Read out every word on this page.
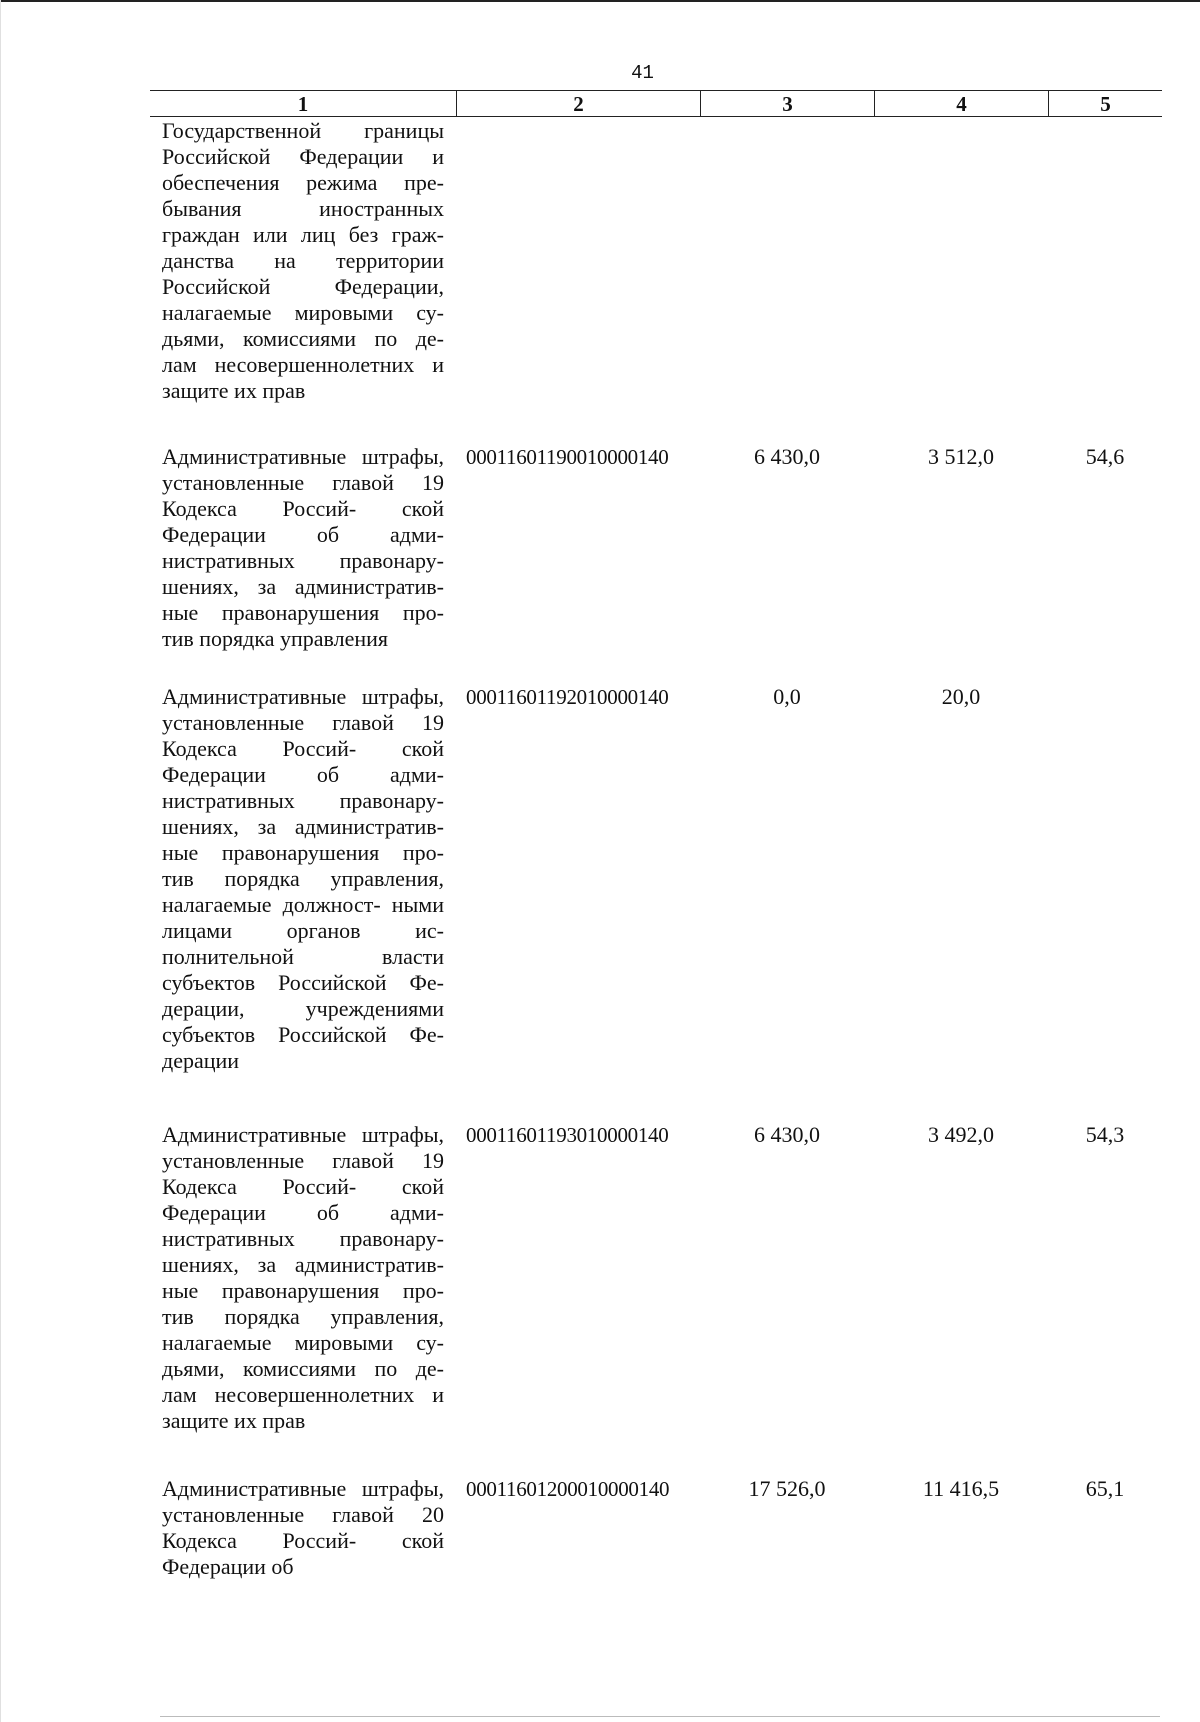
41
1	2	3	4	5
Государственной границы Российской Федерации и обеспечения режима пре- бывания иностранных граждан или лиц без граж- данства на территории Российской Федерации, налагаемые мировыми су- дьями, комиссиями по де- лам несовершеннолетних и защите их прав
Административные штрафы, установленные главой 19 Кодекса Россий- ской Федерации об адми- нистративных правонару- шениях, за административ- ные правонарушения про- тив порядка управления
00011601190010000140	6 430,0	3 512,0	54,6
Административные штрафы, установленные главой 19 Кодекса Россий- ской Федерации об адми- нистративных правонару- шениях, за административ- ные правонарушения про- тив порядка управления, налагаемые должност- ными лицами органов ис- полнительной власти субъектов Российской Фе- дерации, учреждениями субъектов Российской Фе- дерации
00011601192010000140	0,0	20,0
Административные штрафы, установленные главой 19 Кодекса Россий- ской Федерации об адми- нистративных правонару- шениях, за административ- ные правонарушения про- тив порядка управления, налагаемые мировыми су- дьями, комиссиями по де- лам несовершеннолетних и защите их прав
00011601193010000140	6 430,0	3 492,0	54,3
Административные штрафы, установленные главой 20 Кодекса Россий- ской Федерации об
00011601200010000140	17 526,0	11 416,5	65,1
